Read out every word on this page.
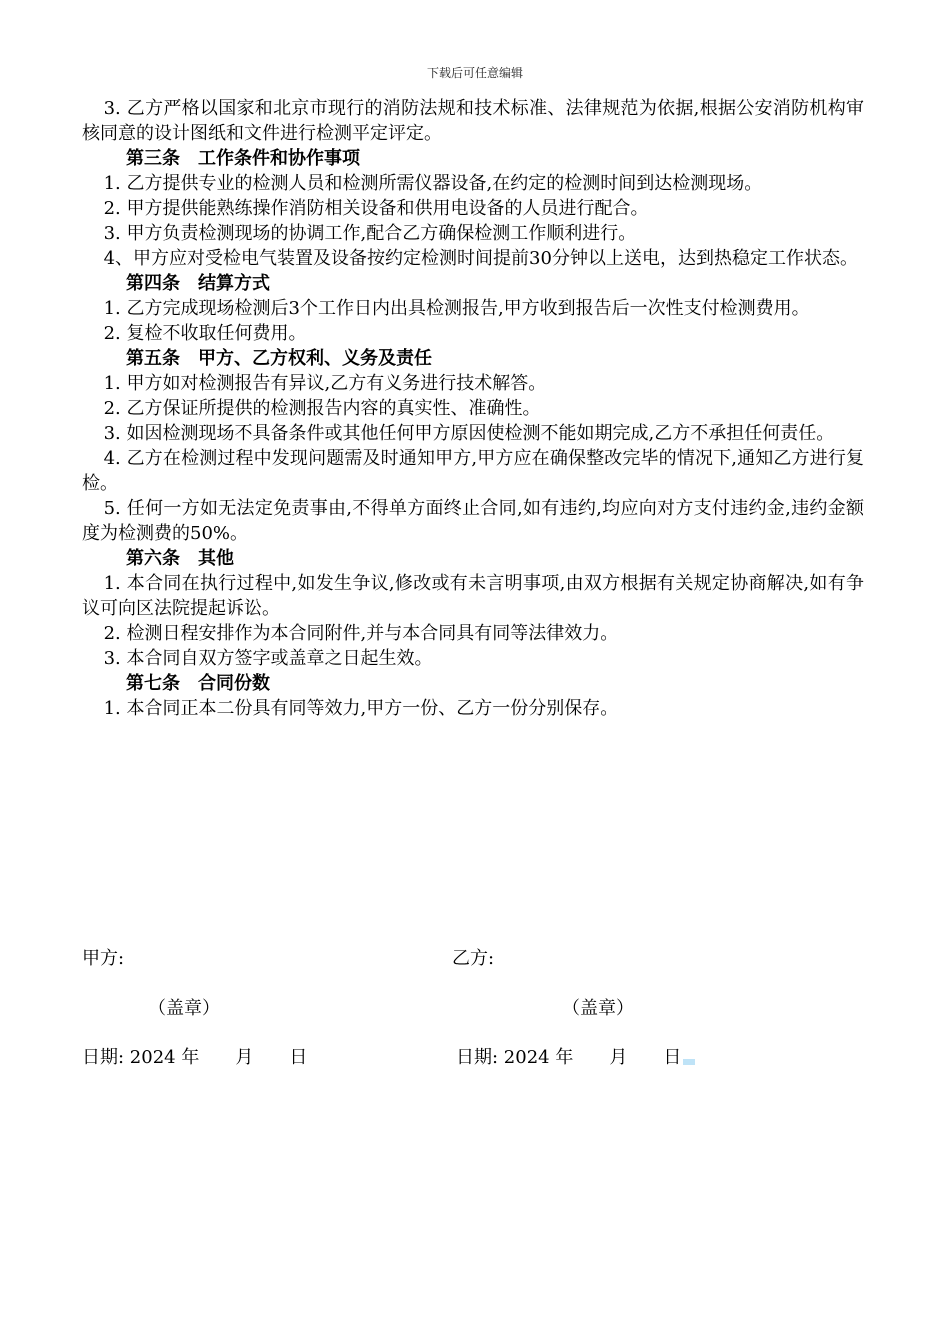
下载后可任意编辑

3. 乙方严格以国家和北京市现行的消防法规和技术标准、法律规范为依据,根据公安消防机构审核同意的设计图纸和文件进行检测平定评定。

第三条　工作条件和协作事项

1. 乙方提供专业的检测人员和检测所需仪器设备,在约定的检测时间到达检测现场。

2. 甲方提供能熟练操作消防相关设备和供用电设备的人员进行配合。

3. 甲方负责检测现场的协调工作,配合乙方确保检测工作顺利进行。

4、甲方应对受检电气装置及设备按约定检测时间提前30分钟以上送电，达到热稳定工作状态。

第四条　结算方式

1. 乙方完成现场检测后3个工作日内出具检测报告,甲方收到报告后一次性支付检测费用。

2. 复检不收取任何费用。

第五条　甲方、乙方权利、义务及责任

1. 甲方如对检测报告有异议,乙方有义务进行技术解答。

2. 乙方保证所提供的检测报告内容的真实性、准确性。

3. 如因检测现场不具备条件或其他任何甲方原因使检测不能如期完成,乙方不承担任何责任。

4. 乙方在检测过程中发现问题需及时通知甲方,甲方应在确保整改完毕的情况下,通知乙方进行复检。

5. 任何一方如无法定免责事由,不得单方面终止合同,如有违约,均应向对方支付违约金,违约金额度为检测费的50%。

第六条　其他

1. 本合同在执行过程中,如发生争议,修改或有未言明事项,由双方根据有关规定协商解决,如有争议可向区法院提起诉讼。

2. 检测日程安排作为本合同附件,并与本合同具有同等法律效力。

3. 本合同自双方签字或盖章之日起生效。

第七条　合同份数

1. 本合同正本二份具有同等效力,甲方一份、乙方一份分别保存。

甲方:	乙方:
（盖章）	（盖章）
日期: 2024 年　　月　　日	日期: 2024 年　　月　　日
